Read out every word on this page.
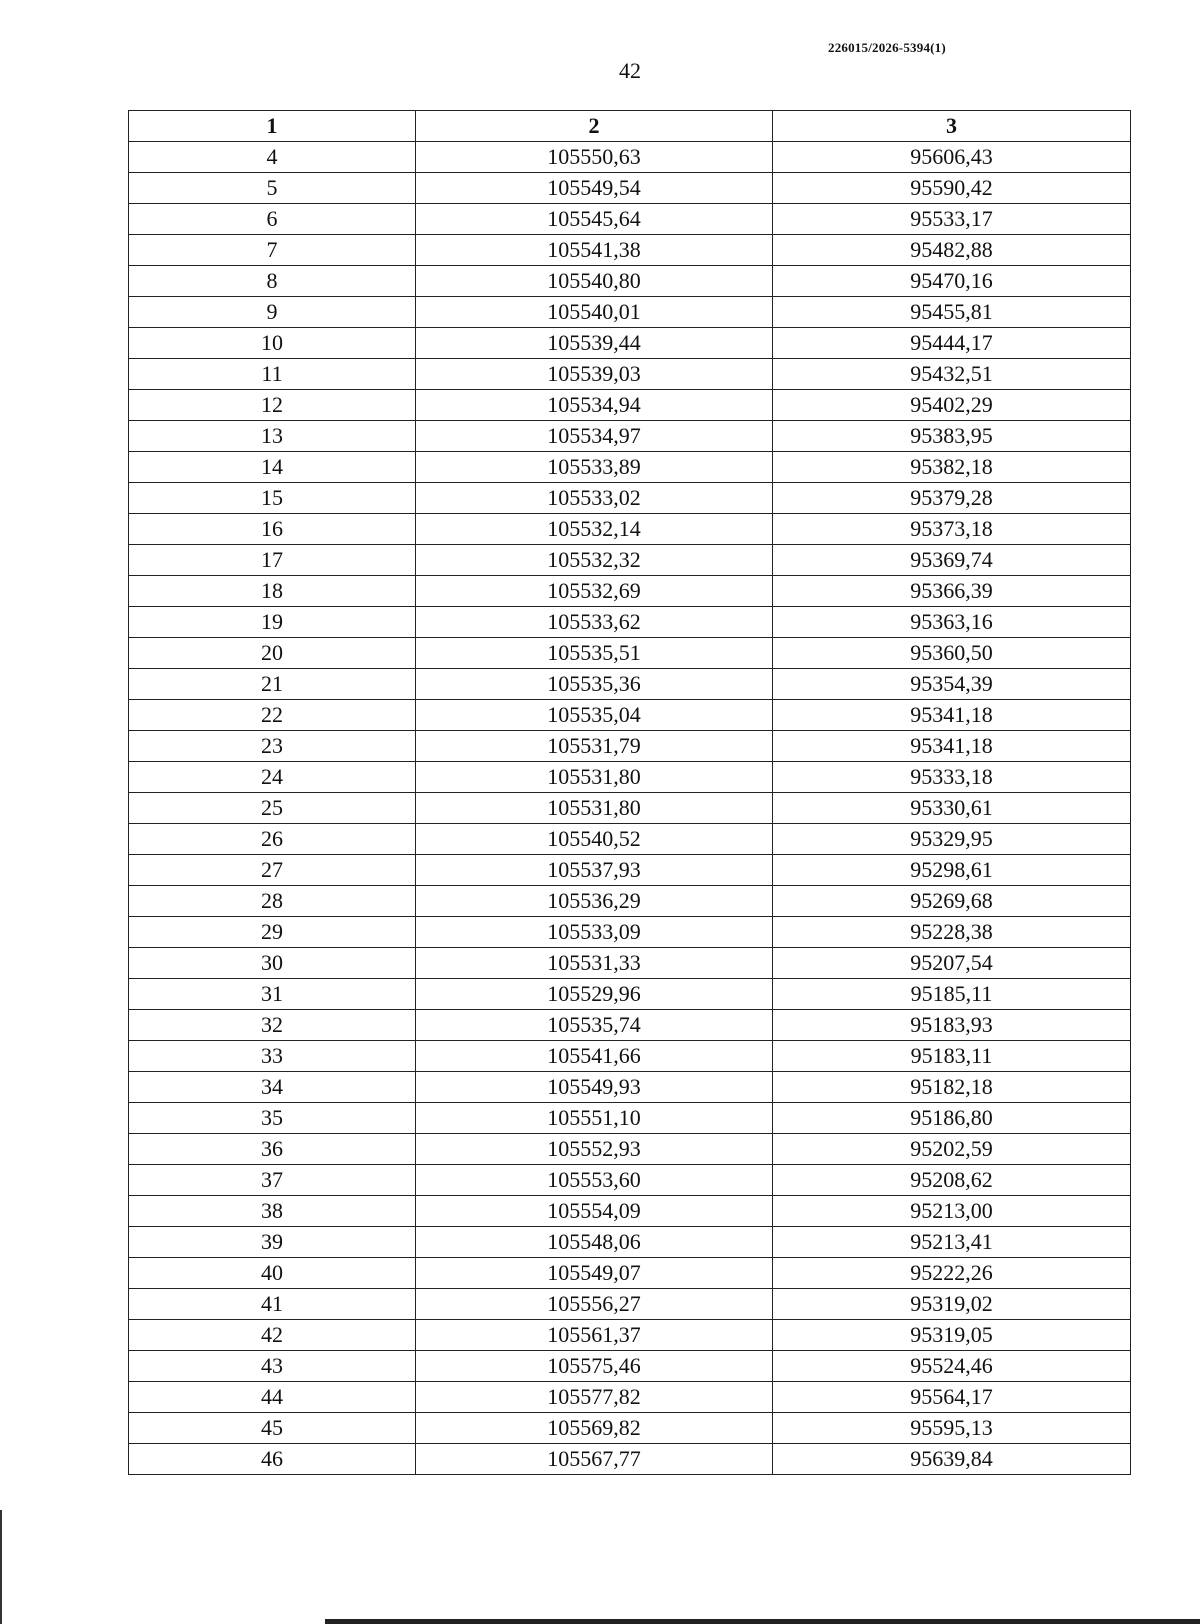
226015/2026-5394(1)
42
1	2	3
4	105550,63	95606,43
5	105549,54	95590,42
6	105545,64	95533,17
7	105541,38	95482,88
8	105540,80	95470,16
9	105540,01	95455,81
10	105539,44	95444,17
11	105539,03	95432,51
12	105534,94	95402,29
13	105534,97	95383,95
14	105533,89	95382,18
15	105533,02	95379,28
16	105532,14	95373,18
17	105532,32	95369,74
18	105532,69	95366,39
19	105533,62	95363,16
20	105535,51	95360,50
21	105535,36	95354,39
22	105535,04	95341,18
23	105531,79	95341,18
24	105531,80	95333,18
25	105531,80	95330,61
26	105540,52	95329,95
27	105537,93	95298,61
28	105536,29	95269,68
29	105533,09	95228,38
30	105531,33	95207,54
31	105529,96	95185,11
32	105535,74	95183,93
33	105541,66	95183,11
34	105549,93	95182,18
35	105551,10	95186,80
36	105552,93	95202,59
37	105553,60	95208,62
38	105554,09	95213,00
39	105548,06	95213,41
40	105549,07	95222,26
41	105556,27	95319,02
42	105561,37	95319,05
43	105575,46	95524,46
44	105577,82	95564,17
45	105569,82	95595,13
46	105567,77	95639,84
